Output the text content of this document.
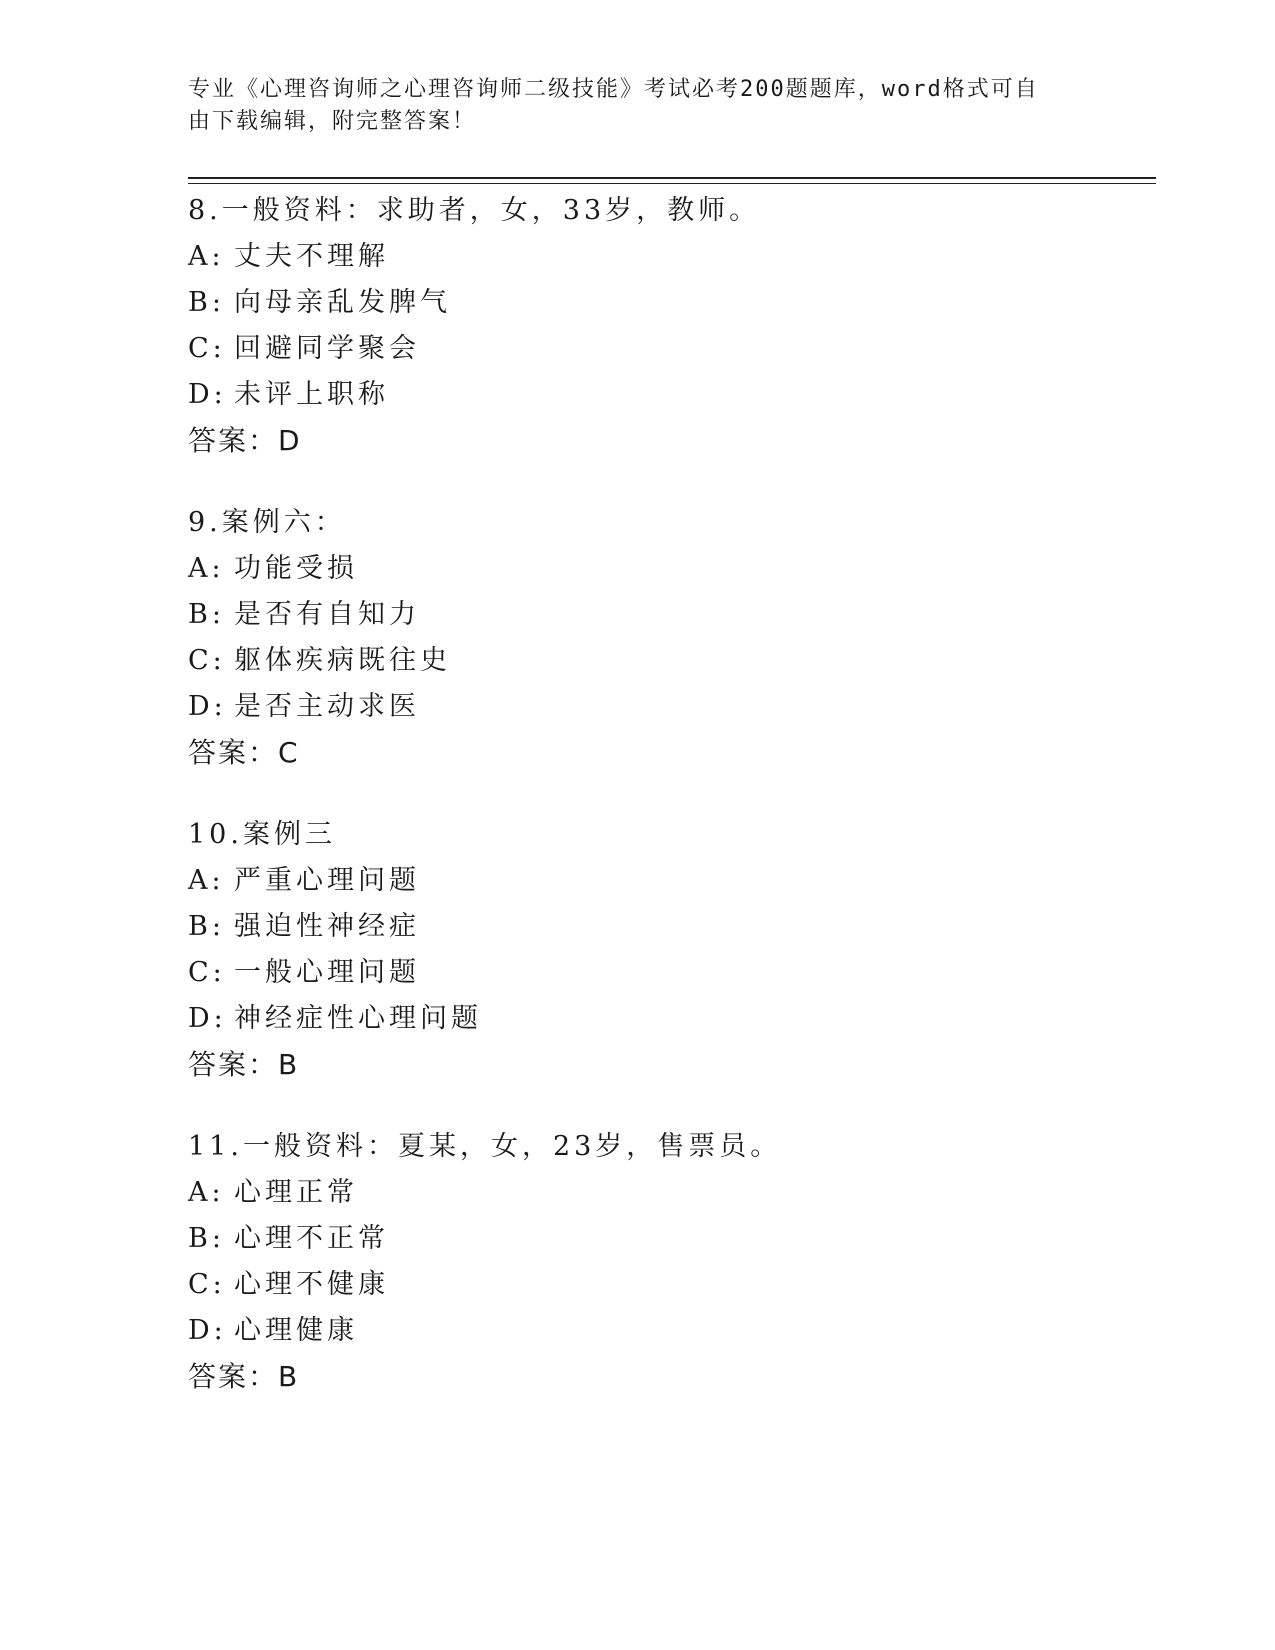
专业《心理咨询师之心理咨询师二级技能》考试必考200题题库，word格式可自
由下载编辑，附完整答案！
8.一般资料：求助者，女，33岁，教师。
A: 丈夫不理解
B: 向母亲乱发脾气
C: 回避同学聚会
D: 未评上职称
答案：D
9.案例六：
A: 功能受损
B: 是否有自知力
C: 躯体疾病既往史
D: 是否主动求医
答案：C
10.案例三
A: 严重心理问题
B: 强迫性神经症
C: 一般心理问题
D: 神经症性心理问题
答案：B
11.一般资料：夏某，女，23岁，售票员。
A: 心理正常
B: 心理不正常
C: 心理不健康
D: 心理健康
答案：B
